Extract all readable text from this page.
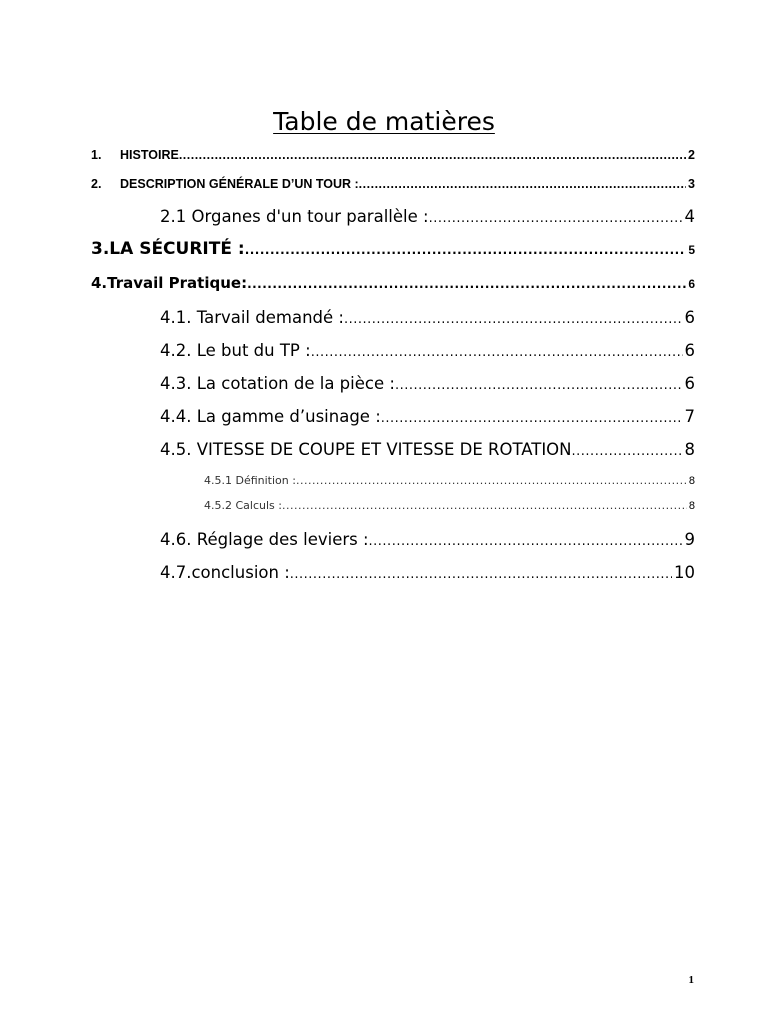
Table de matières
1.	HISTOIRE .....	2
2.	DESCRIPTION GÉNÉRALE D’UN TOUR : .....	3
2.1 Organes d'un tour parallèle : .....	4
3. LA SÉCURITÉ : .....	5
4. Travail Pratique: .....	6
4.1. Tarvail demandé : .....	6
4.2. Le but du TP : .....	6
4.3. La cotation de la pièce : .....	6
4.4. La gamme d’usinage : .....	7
4.5. VITESSE DE COUPE ET VITESSE DE ROTATION .....	8
4.5.1 Définition : .....	8
4.5.2 Calculs : .....	8
4.6. Réglage des leviers : .....	9
4.7.conclusion : .....	10
1
